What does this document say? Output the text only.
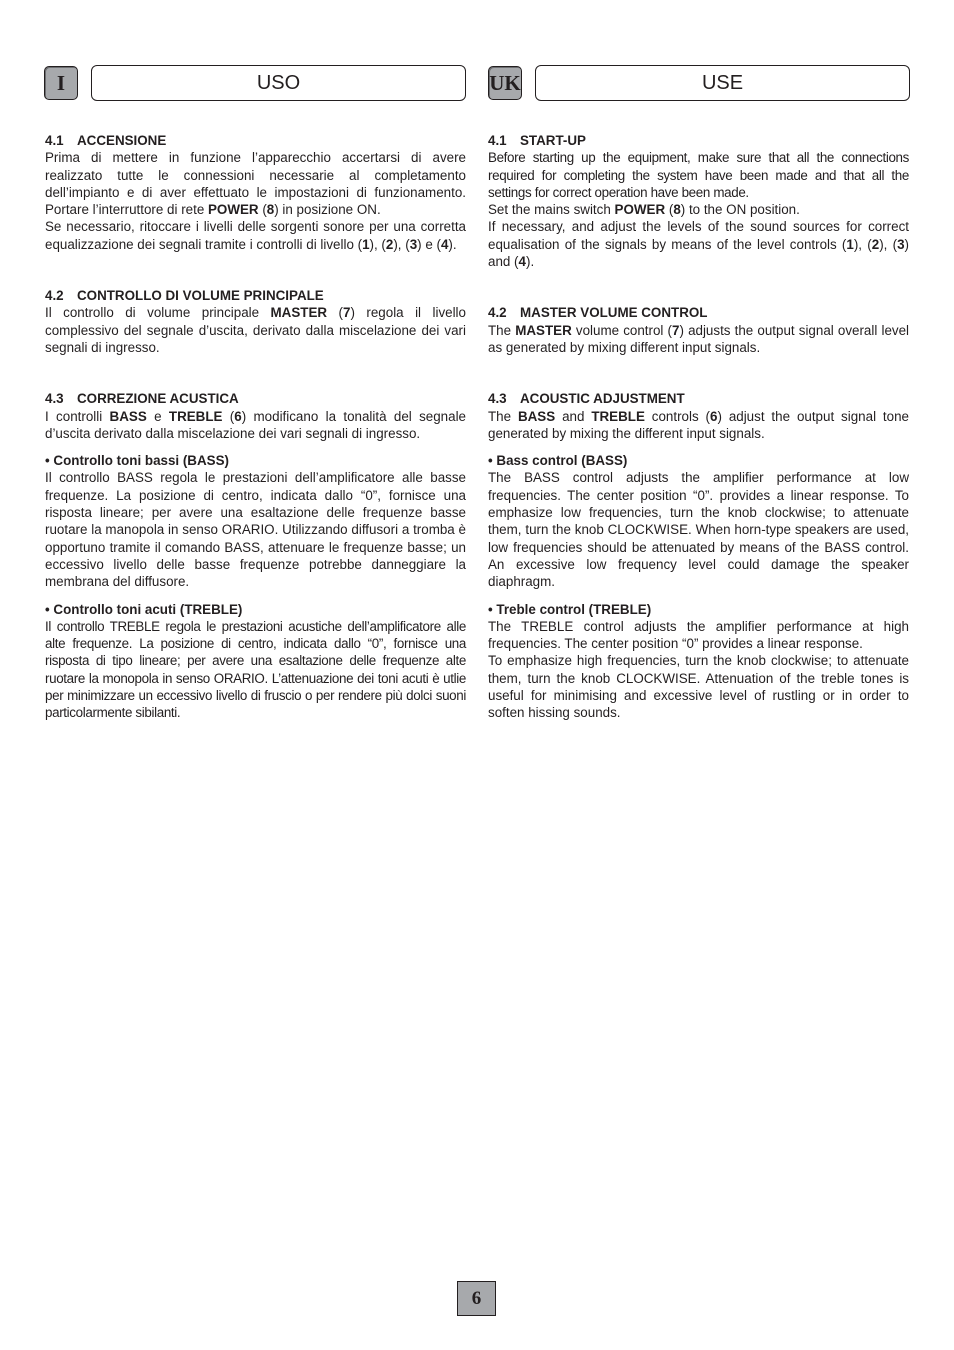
I	USO	UK	USE
4.1 ACCENSIONE

Prima di mettere in funzione l’apparecchio accertarsi di avere realizzato tutte le connessioni necessarie al completamento dell’impianto e di aver effettuato le impostazioni di funzionamento. Portare l’interruttore di rete POWER (8) in posizione ON.

Se necessario, ritoccare i livelli delle sorgenti sonore per una corretta equalizzazione dei segnali tramite i controlli di livello (1), (2), (3) e (4).

4.2 CONTROLLO DI VOLUME PRINCIPALE

Il controllo di volume principale MASTER (7) regola il livello complessivo del segnale d’uscita, derivato dalla miscelazione dei vari segnali di ingresso.

4.3 CORREZIONE ACUSTICA

I controlli BASS e TREBLE (6) modificano la tonalità del segnale d’uscita derivato dalla miscelazione dei vari segnali di ingresso.

• Controllo toni bassi (BASS)

Il controllo BASS regola le prestazioni dell’amplificatore alle basse frequenze. La posizione di centro, indicata dallo “0”, fornisce una risposta lineare; per avere una esaltazione delle frequenze basse ruotare la manopola in senso ORARIO. Utilizzando diffusori a tromba è opportuno tramite il comando BASS, attenuare le frequenze basse; un eccessivo livello delle basse frequenze potrebbe danneggiare la membrana del diffusore.

• Controllo toni acuti (TREBLE)

Il controllo TREBLE regola le prestazioni acustiche dell’amplificatore alle alte frequenze. La posizione di centro, indicata dallo “0”, fornisce una risposta di tipo lineare; per avere una esaltazione delle frequenze alte ruotare la monopola in senso ORARIO. L’attenuazione dei toni acuti è utlie per minimizzare un eccessivo livello di fruscio o per rendere più dolci suoni particolarmente sibilanti.

4.1 START-UP

Before starting up the equipment, make sure that all the connections required for completing the system have been made and that all the settings for correct operation have been made.

Set the mains switch POWER (8) to the ON position.

If necessary, and adjust the levels of the sound sources for correct equalisation of the signals by means of the level controls (1), (2), (3) and (4).

4.2 MASTER VOLUME CONTROL

The MASTER volume control (7) adjusts the output signal overall level as generated by mixing different input signals.

4.3 ACOUSTIC ADJUSTMENT

The BASS and TREBLE controls (6) adjust the output signal tone generated by mixing the different input signals.

• Bass control (BASS)

The BASS control adjusts the amplifier performance at low frequencies. The center position “0”. provides a linear response. To emphasize low frequencies, turn the knob clockwise; to attenuate them, turn the knob CLOCKWISE. When horn-type speakers are used, low frequencies should be attenuated by means of the BASS control. An excessive low frequency level could damage the speaker diaphragm.

• Treble control (TREBLE)

The TREBLE control adjusts the amplifier performance at high frequencies. The center position “0” provides a linear response.

To emphasize high frequencies, turn the knob clockwise; to attenuate them, turn the knob CLOCKWISE. Attenuation of the treble tones is useful for minimising and excessive level of rustling or in order to soften hissing sounds.

6
